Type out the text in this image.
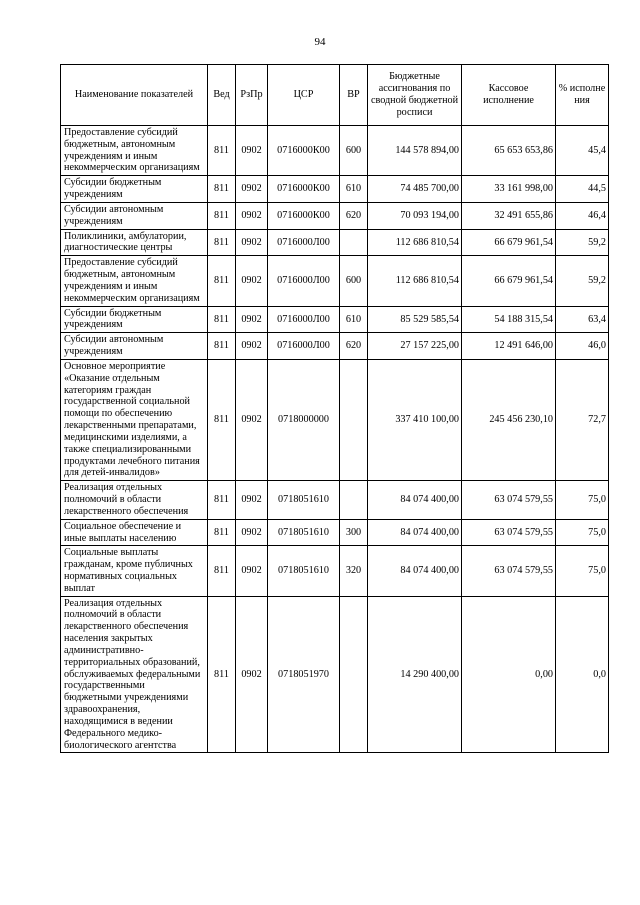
94
Наименование показателей	Вед	РзПр	ЦСР	ВР	Бюджетные ассигнования по сводной бюджетной росписи	Кассовое исполнение	% исполне ния
Предоставление субсидий бюджетным, автономным учреждениям и иным некоммерческим организациям	811	0902	0716000К00	600	144 578 894,00	65 653 653,86	45,4
Субсидии бюджетным учреждениям	811	0902	0716000К00	610	74 485 700,00	33 161 998,00	44,5
Субсидии автономным учреждениям	811	0902	0716000К00	620	70 093 194,00	32 491 655,86	46,4
Поликлиники, амбулатории, диагностические центры	811	0902	0716000Л00		112 686 810,54	66 679 961,54	59,2
Предоставление субсидий бюджетным, автономным учреждениям и иным некоммерческим организациям	811	0902	0716000Л00	600	112 686 810,54	66 679 961,54	59,2
Субсидии бюджетным учреждениям	811	0902	0716000Л00	610	85 529 585,54	54 188 315,54	63,4
Субсидии автономным учреждениям	811	0902	0716000Л00	620	27 157 225,00	12 491 646,00	46,0
Основное мероприятие «Оказание отдельным категориям граждан государственной социальной помощи по обеспечению лекарственными препаратами, медицинскими изделиями, а также специализированными продуктами лечебного питания для детей-инвалидов»	811	0902	0718000000		337 410 100,00	245 456 230,10	72,7
Реализация отдельных полномочий в области лекарственного обеспечения	811	0902	0718051610		84 074 400,00	63 074 579,55	75,0
Социальное обеспечение и иные выплаты населению	811	0902	0718051610	300	84 074 400,00	63 074 579,55	75,0
Социальные выплаты гражданам, кроме публичных нормативных социальных выплат	811	0902	0718051610	320	84 074 400,00	63 074 579,55	75,0
Реализация отдельных полномочий в области лекарственного обеспечения населения закрытых административно-территориальных образований, обслуживаемых федеральными государственными бюджетными учреждениями здравоохранения, находящимися в ведении Федерального медико-биологического агентства	811	0902	0718051970		14 290 400,00	0,00	0,0
